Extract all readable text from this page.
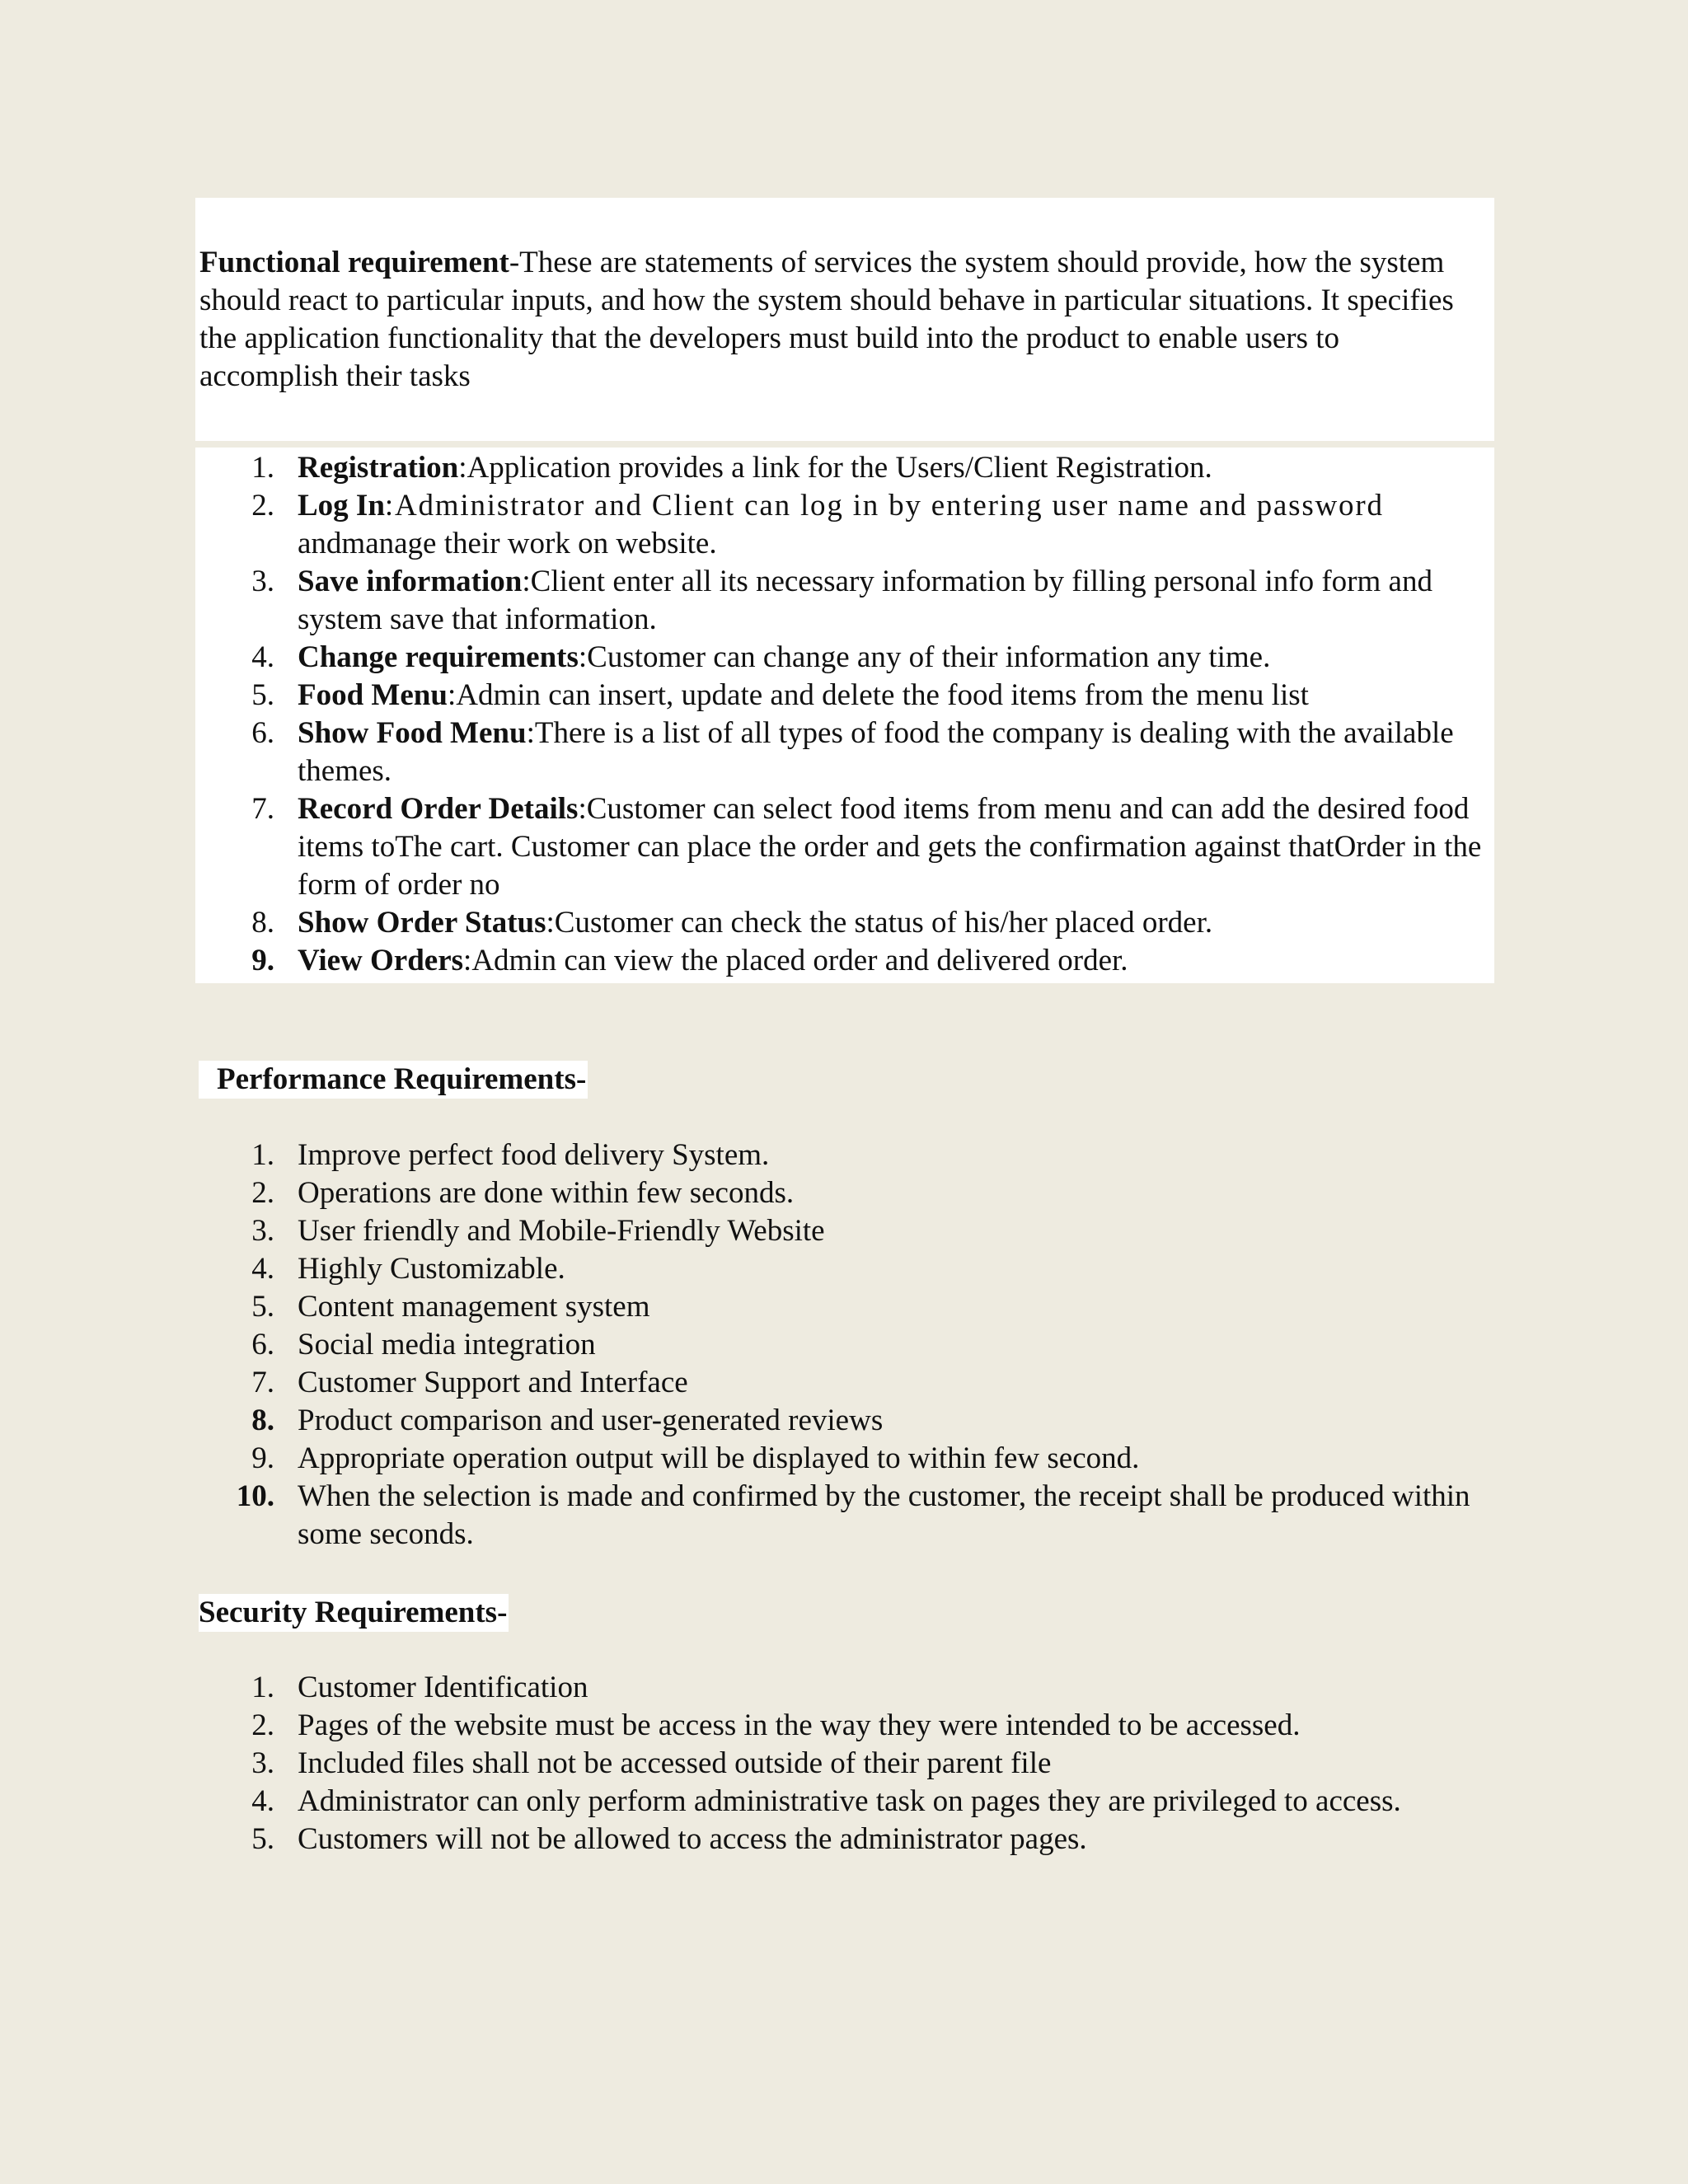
Functional requirement-These are statements of services the system should provide, how the system should react to particular inputs, and how the system should behave in particular situations. It specifies the application functionality that the developers must build into the product to enable users to accomplish their tasks

1. Registration:Application provides a link for the Users/Client Registration.
2. Log In:Administrator and Client can log in by entering user name and password
andmanage their work on website.
3. Save information:Client enter all its necessary information by filling personal info form and system save that information.
4. Change requirements:Customer can change any of their information any time.
5. Food Menu:Admin can insert, update and delete the food items from the menu list
6. Show Food Menu:There is a list of all types of food the company is dealing with the available themes.
7. Record Order Details:Customer can select food items from menu and can add the desired food items toThe cart. Customer can place the order and gets the confirmation against thatOrder in the form of order no
8. Show Order Status:Customer can check the status of his/her placed order.
9. View Orders:Admin can view the placed order and delivered order.
Performance Requirements-
1. Improve perfect food delivery System.
2. Operations are done within few seconds.
3. User friendly and Mobile-Friendly Website
4. Highly Customizable.
5. Content management system
6. Social media integration
7. Customer Support and Interface
8. Product comparison and user-generated reviews
9. Appropriate operation output will be displayed to within few second.
10. When the selection is made and confirmed by the customer, the receipt shall be produced within some seconds.
Security Requirements-
1. Customer Identification
2. Pages of the website must be access in the way they were intended to be accessed.
3. Included files shall not be accessed outside of their parent file
4. Administrator can only perform administrative task on pages they are privileged to access.
5. Customers will not be allowed to access the administrator pages.
